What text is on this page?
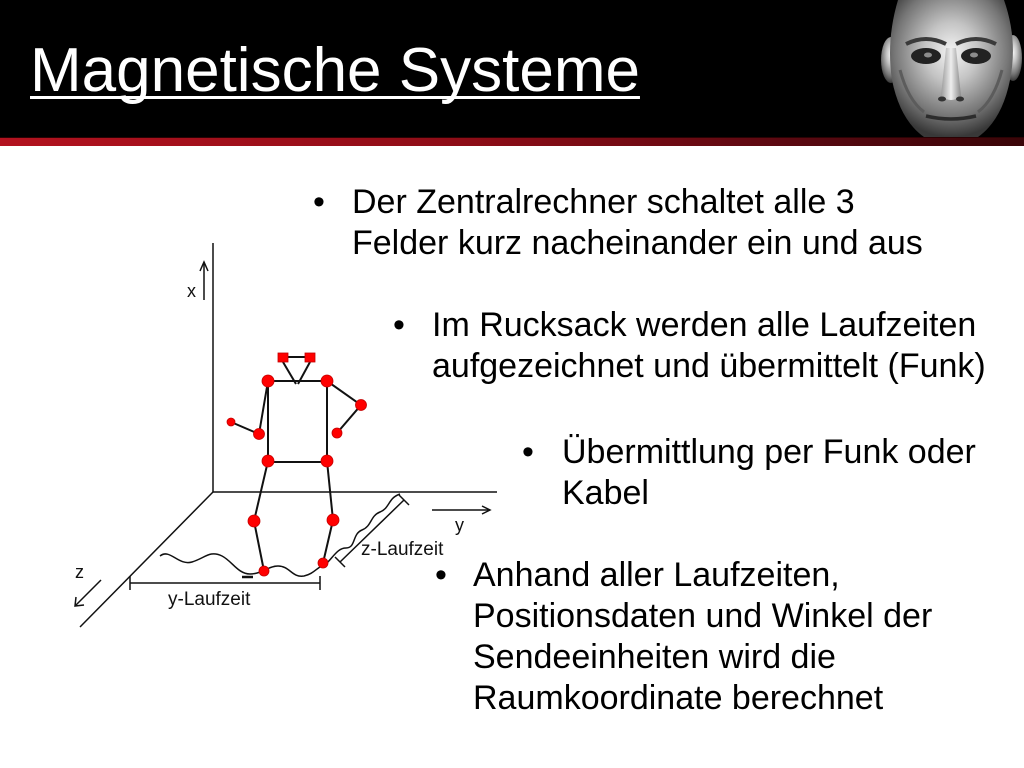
Magnetische Systeme
• Der Zentralrechner schaltet alle 3
Felder kurz nacheinander ein und aus
• Im Rucksack werden alle Laufzeiten
aufgezeichnet und übermittelt (Funk)
• Übermittlung per Funk oder
Kabel
• Anhand aller Laufzeiten,
Positionsdaten und Winkel der
Sendeeinheiten wird die
Raumkoordinate berechnet
x
y
z
y-Laufzeit
z-Laufzeit
